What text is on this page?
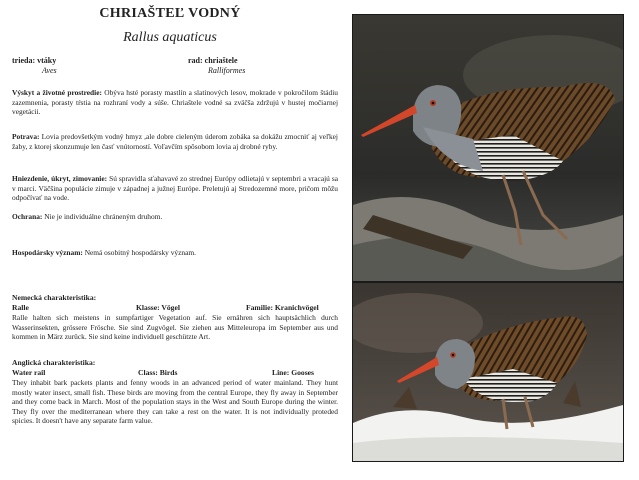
CHRIAŠTEĽ VODNÝ
Rallus aquaticus
trieda: vtáky
Aves
rad: chriaštele
Ralliformes
Výskyt a životné prostredie: Obýva hsté porasty mastlín a slatinových lesov, mokrade v pokročilom štádiu zazemnenia, porasty tŕstia na rozhraní vody a súše. Chriaštele vodné sa zväčša zdržujú v hustej močiarnej vegetácii.
Potrava: Lovia predovšetkým vodný hmyz ,ale dobre cieleným úderom zobáka sa dokážu zmocniť aj veľkej žaby, z ktorej skonzumuje len časť vnútorností. Voľavčím spôsobom lovia aj drobné ryby.
Hniezdenie, úkryt, zimovanie: Sú spravidla sťahavavé zo strednej Európy odlietajú v septembri a vracajú sa v marci. Väčšina populácie zimuje v západnej a južnej Európe. Preletujú aj Stredozemné more, pričom môžu odpočívať na vode.
Ochrana: Nie je individuálne chráneným druhom.
Hospodársky význam: Nemá osobitný hospodársky význam.
Nemecká charakteristika:
Ralle	Klasse: Vögel	Familie: Kranichvögel
Ralle halten sich meistens in sumpfartiger Vegetation auf. Sie ernähren sich hauptsächlich durch Wasserinsekten, grössere Frösche. Sie sind Zugvögel. Sie ziehen aus Mitteleuropa im September aus und kommen in März zurück. Sie sind keine individuell geschützte Art.
Anglická charakteristika:
Water rail	Class: Birds	Line: Gooses
They inhabit bark packets plants and fenny woods in an advanced period of water mainland. They hunt mostly water insect, small fish. These birds are moving from the central Europe, they fly away in September and they come back in March. Most of the population stays in the West and South Europe during the winter. They fly over the mediterranean where they can take a rest on the water. It is not individually proteded spicies. It doesn't have any separate farm value.
